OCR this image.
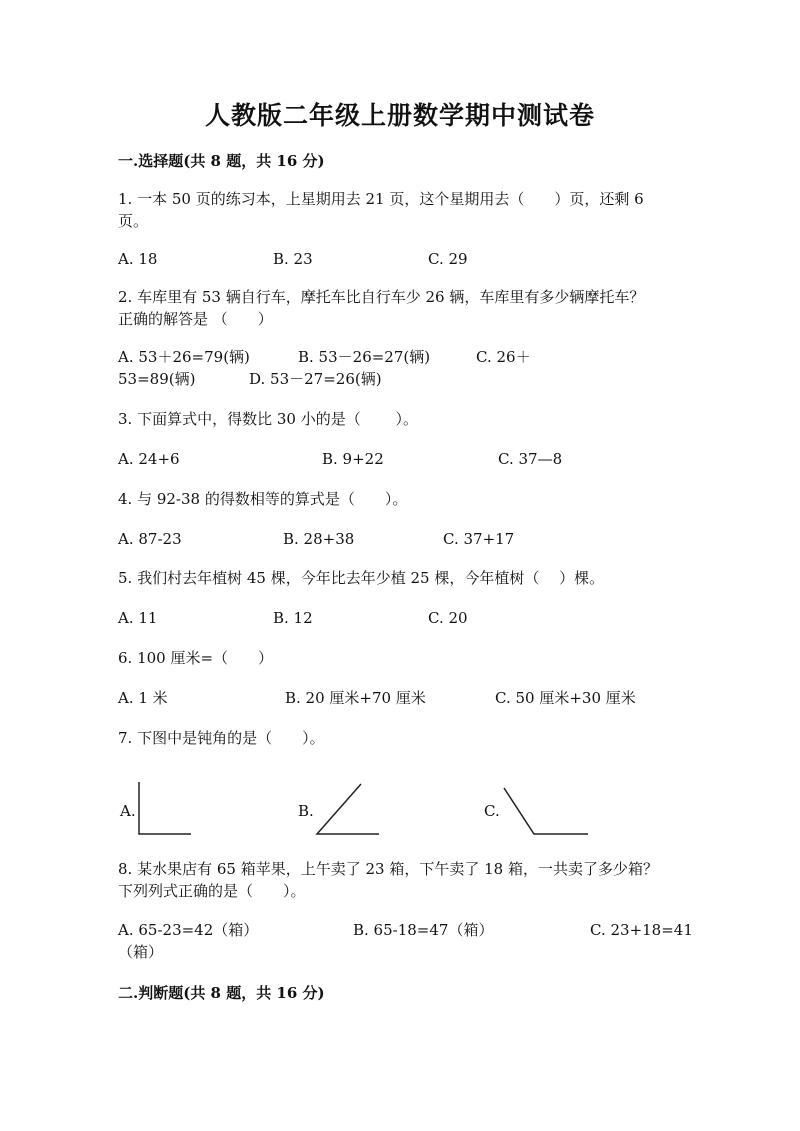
人教版二年级上册数学期中测试卷
一.选择题(共 8 题，共 16 分)
1. 一本 50 页的练习本，上星期用去 21 页，这个星期用去（　　）页，还剩 6
页。
A. 18	B. 23	C. 29
2. 车库里有 53 辆自行车，摩托车比自行车少 26 辆，车库里有多少辆摩托车？
正确的解答是 （　　）
A. 53＋26=79(辆)	B. 53－26=27(辆)	C. 26＋
53=89(辆)	D. 53－27=26(辆)
3. 下面算式中，得数比 30 小的是（　　 ）。
A. 24+6	B. 9+22	C. 37—8
4. 与 92-38 的得数相等的算式是（　　）。
A. 87-23	B. 28+38	C. 37+17
5. 我们村去年植树 45 棵，今年比去年少植 25 棵，今年植树（　 ）棵。
A. 11	B. 12	C. 20
6. 100 厘米=（　　）
A. 1 米	B. 20 厘米+70 厘米	C. 50 厘米+30 厘米
7. 下图中是钝角的是（　　）。
A.	B.	C.
8. 某水果店有 65 箱苹果，上午卖了 23 箱，下午卖了 18 箱，一共卖了多少箱？
下列列式正确的是（　　）。
A. 65-23=42（箱）	B. 65-18=47（箱）	C. 23+18=41
（箱）
二.判断题(共 8 题，共 16 分)
